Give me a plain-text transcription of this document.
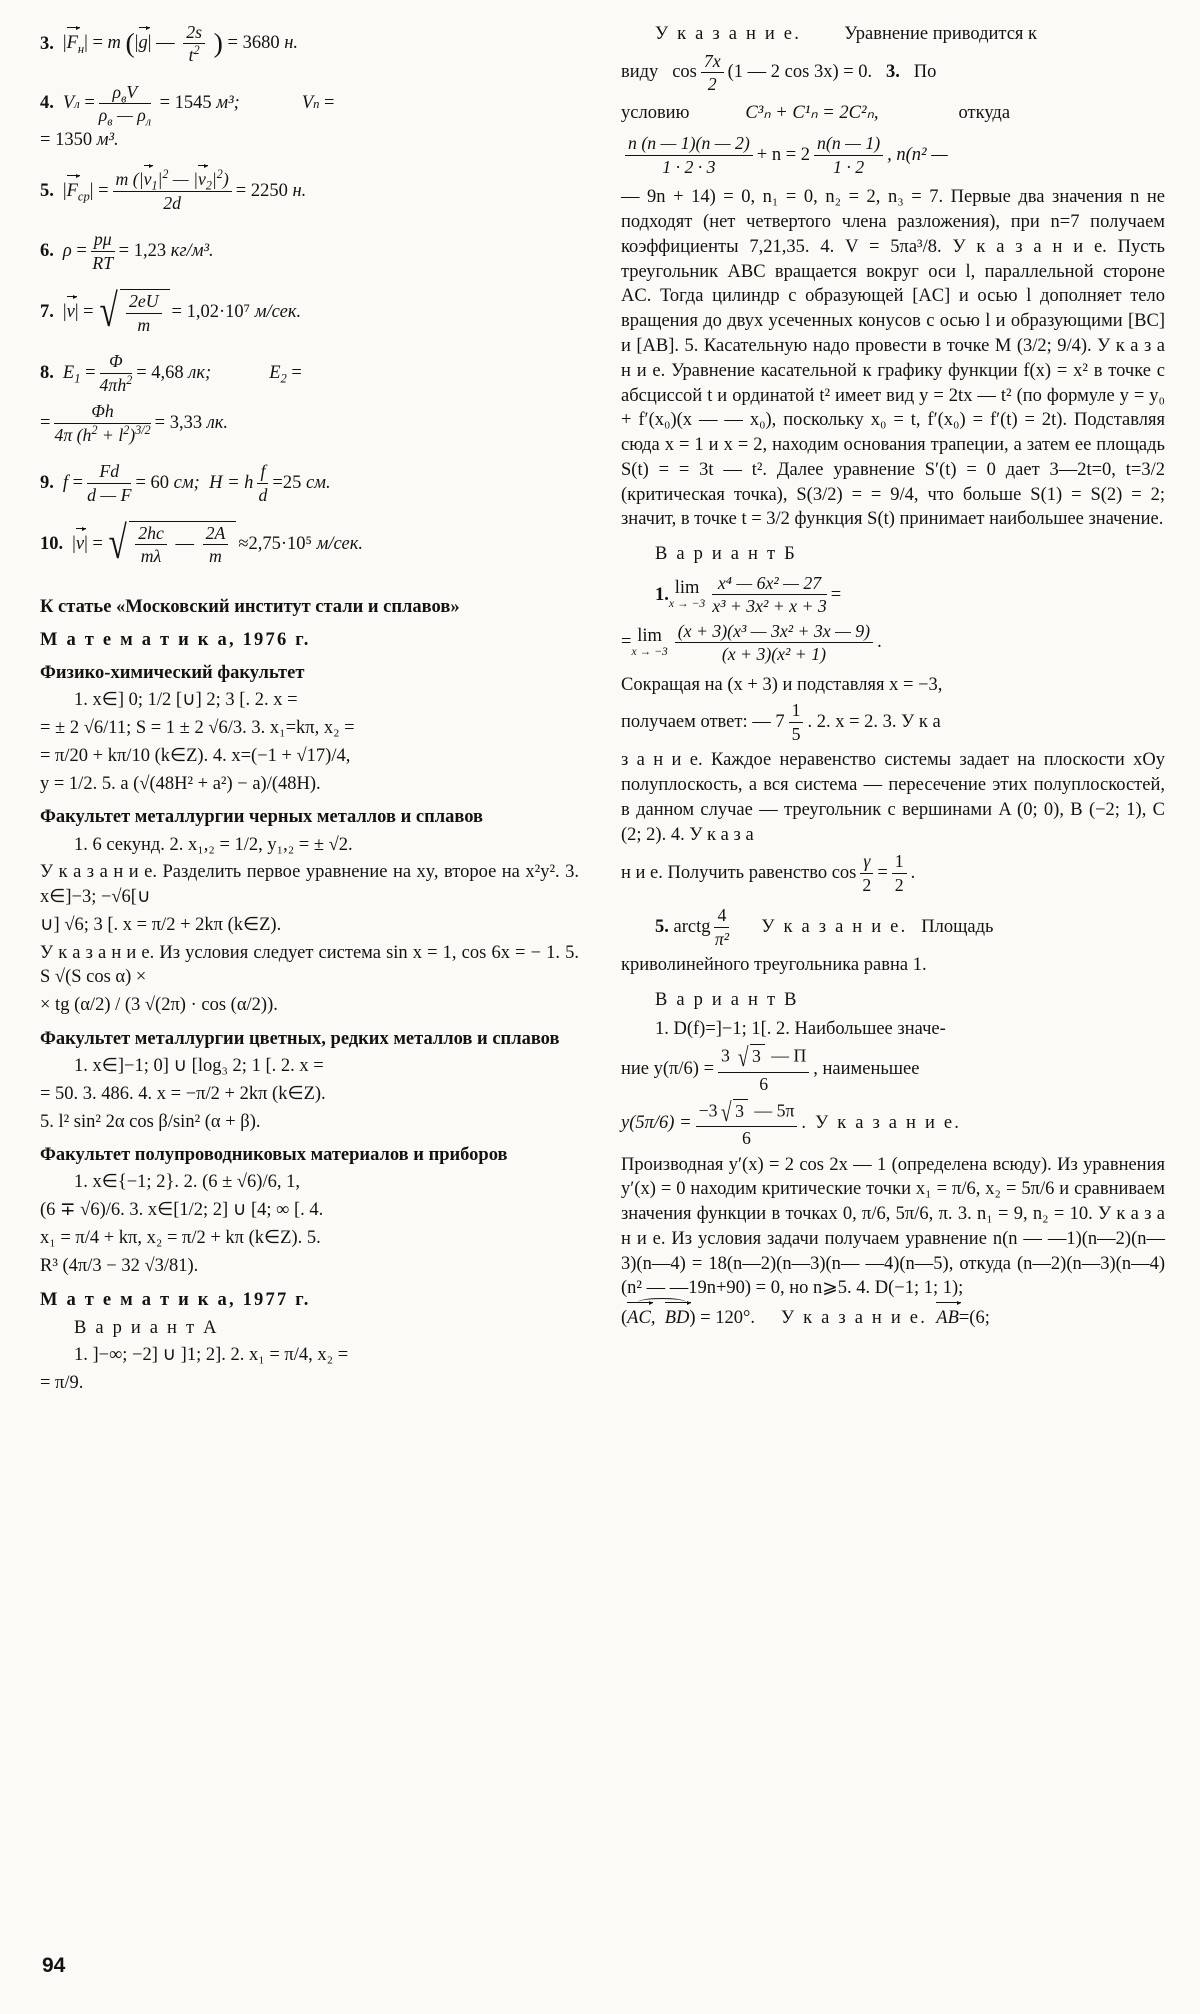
3. $|F_н| = m$ (|g| — $\frac{2s}{t^2}$ ) = 3680 н.
4. V $л = \frac{\rho_вV}{\rho_в — \rho_л} = 1545$ м³;	V п =
= 1350 м³.
5. $|F_{ср}| = \frac{m (|v_1|^2 — |v_2|^2)}{2d} = 2250$ н.
6. $\rho = \frac{p\mu}{RT} = 1,23$ кг/м³.
7. |v| = √ $\frac{2eU}{m} = 1,02\cdot 10^7$ м/сек.
8. $E_1 = \frac{\Phi}{4\pi h^2} = 4,68$ лк;	$E_2$ =
= $\frac{\Phi h}{4\pi (h^2 + l^2)^{3/2}} = 3,33$ лк.
9. $f = \frac{Fd}{d — F} = 60$ см; H = h $\frac{f}{d} =25$ см.
10. |v| = √ $\frac{2hc}{m\lambda}$ — $\frac{2A}{m} \approx 2,75\cdot 10^5$ м/сек.

К статье «Московский институт стали и сплавов»

М а т е м а т и к а, 1976 г.

Физико-химический факультет

1. x∈] 0; 1/2 [∪] 2; 3 [. 2. x =

= ± 2 √6/11; S = 1 ± 2 √6/3. 3. x₁=kπ, x₂ =

= π/20 + kπ/10 (k∈Z). 4. x=(−1 + √17)/4,

y = 1/2. 5. a (√(48H² + a²) − a)/(48H).

Факультет металлургии черных металлов и сплавов

1. 6 секунд. 2. x₁,₂ = 1/2, y₁,₂ = ± √2.

У к а з а н и е. Разделить первое уравнение на xy, второе на x²y². 3. x∈]−3; −√6[∪

∪] √6; 3 [. x = π/2 + 2kπ (k∈Z).

У к а з а н и е. Из условия следует система sin x = 1, cos 6x = − 1. 5. S √(S cos α) ×

× tg (α/2) / (3 √(2π) · cos (α/2)).

Факультет металлургии цветных, редких металлов и сплавов

1. x∈]−1; 0] ∪ [log₃ 2; 1 [. 2. x =

= 50. 3. 486. 4. x = −π/2 + 2kπ (k∈Z).

5. l² sin² 2α cos β/sin² (α + β).

Факультет полупроводниковых материалов и приборов

1. x∈{−1; 2}. 2. (6 ± √6)/6, 1,

(6 ∓ √6)/6. 3. x∈[1/2; 2] ∪ [4; ∞ [. 4.

x₁ = π/4 + kπ, x₂ = π/2 + kπ (k∈Z). 5.

R³ (4π/3 − 32 √3/81).

М а т е м а т и к а, 1977 г.

В а р и а н т А

1. ]−∞; −2] ∪ ]1; 2]. 2. x₁ = π/4, x₂ =

= π/9.

У к а з а н и е.	Уравнение приводится к
виду $\cos \frac{7x}{2} (1$ — 2 cos 3x) = 0. 3. По
условию	C³ₙ + C¹ₙ = 2C²ₙ,	откуда
$\frac{n (n — 1)(n — 2)}{1 \cdot 2 \cdot 3} + n = 2 \frac{n(n — 1)}{1 \cdot 2}$ , n(n² —

— 9n + 14) = 0, n₁ = 0, n₂ = 2, n₃ = 7. Первые два значения n не подходят (нет четвертого члена разложения), при n=7 получаем коэффициенты 7,21,35. 4. V = 5πa³/8. У к а з а н и е. Пусть треугольник ABC вращается вокруг оси l, параллельной стороне AC. Тогда цилиндр с образующей [AC] и осью l дополняет тело вращения до двух усеченных конусов с осью l и образующими [BC] и [AB]. 5. Касательную надо провести в точке M (3/2; 9/4). У к а з а н и е. Уравнение касательной к графику функции f(x) = x² в точке с абсциссой t и ординатой t² имеет вид y = 2tx — t² (по формуле y = y₀ + f′(x₀)(x — — x₀), поскольку x₀ = t, f′(x₀) = f′(t) = 2t). Подставляя сюда x = 1 и x = 2, находим основания трапеции, а затем ее площадь S(t) = = 3t — t². Далее уравнение S′(t) = 0 дает 3—2t=0, t=3/2 (критическая точка), S(3/2) = = 9/4, что больше S(1) = S(2) = 2; значит, в точке t = 3/2 функция S(t) принимает наибольшее значение.

В а р и а н т Б

1. lim
$x \to -3 \frac{\text{x⁴ — 6x² — 27}}{\text{x³ + 3x² + x + 3}}$ =
= lim
$x \to -3 \frac{\text{(x + 3)(x³ — 3x² + 3x — 9)}}{\text{(x + 3)(x² + 1)}}$ .

Сокращая на (x + 3) и подставляя x = −3,

получаем ответ: — $7 \frac{1}{5}$ . 2. x = 2. 3. У к а

з а н и е. Каждое неравенство системы задает на плоскости xOy полуплоскость, а вся система — пересечение этих полуплоскостей, в данном случае — треугольник с вершинами A (0; 0), B (−2; 1), C (2; 2). 4. У к а з а

н и е. Получить равенство $\cos \frac{\gamma}{2} = \frac{1}{2}$ .
5. arctg $\frac{4}{\text{π²}}$ У к а з а н и е. Площадь

криволинейного треугольника равна 1.

В а р и а н т В

1. D(f)=]−1; 1[. 2. Наибольшее значе-

ние $y(\pi/6) = \frac{3 √ 3 — П}{6}$ , наименьшее
$y(5\pi/6) = \frac{-3 √ 3 — 5\pi}{6}$ . У к а з а н и е.

Производная y′(x) = 2 cos 2x — 1 (определена всюду). Из уравнения y′(x) = 0 находим критические точки x₁ = π/6, x₂ = 5π/6 и сравниваем значения функции в точках 0, π/6, 5π/6, π. 3. n₁ = 9, n₂ = 10. У к а з а н и е. Из условия задачи получаем уравнение n(n — —1)(n—2)(n—3)(n—4) = 18(n—2)(n—3)(n— —4)(n—5), откуда (n—2)(n—3)(n—4)(n² — —19n+90) = 0, но n⩾5. 4. D(−1; 1; 1);

(AC,  BD) = 120°. У к а з а н и е. AB=(6;
94
